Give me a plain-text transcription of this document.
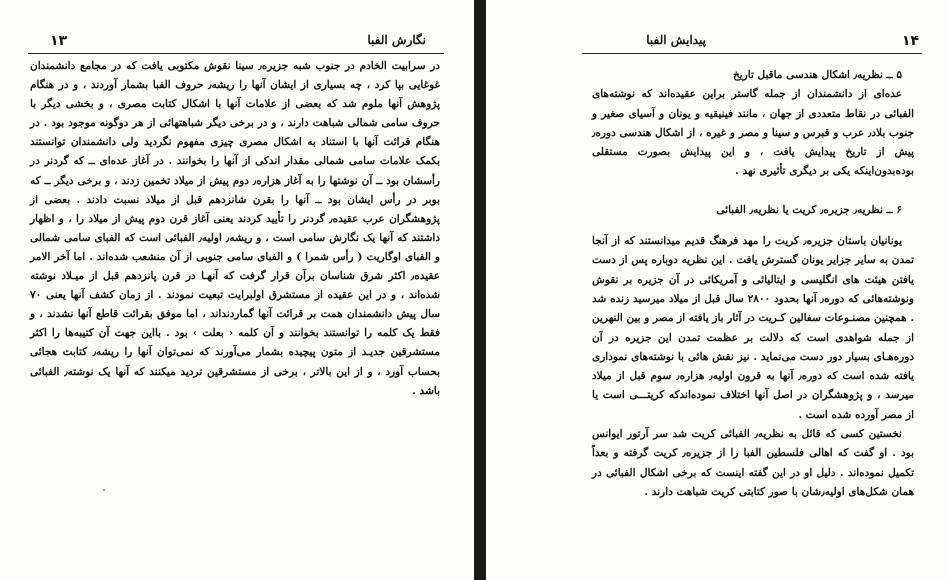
نگارش الفبا
۱۳

در سرابیت الخادم در جنوب شبه جزیره٫ سینا نقوش مکتوبی یافت که در مجامع دانشمندان غوغایی بپا کرد ، چه بسیاری از ایشان آنها را ریشه٫ حروف الفبا بشمار آوردند ، و در هنگام پژوهش آنها ملوم شد که بعضی از علامات آنها با اشکال کتابت مصری ، و بخشی دیگر با حروف سامی شمالی شباهت دارند ، و در برخی دیگر شباهتهائی از هر دوگونه موجود بود . در هنگام قرائت آنها با استناد به اشکال مصری چیزی مفهوم نگردید ولی دانشمندان توانستند بکمک علامات سامی شمالی مقدار اندکی از آنها را بخوانند . در آغاز عده‌ای ــ که گردنر در رأسشان بود ــ آن نوشتها را به آغاز هزاره٫ دوم پیش از میلاد تخمین زدند ، و برخی دیگر ــ که بوبر در رأس ایشان بود ــ آنها را بقرن شانزدهم قبل از میلاد نسبت دادند . بعضی از پژوهشگران عرب عقیده٫ گردنر را تأیید کردند یعنی آغاز قرن دوم پیش از میلاد را ، و اظهار داشتند که آنها یک نگارش سامی است ، و ریشه٫ اولیه٫ الفبائی است که الفبای سامی شمالی و الفبای اوگاریت ( رأس شمرا ) و الفبای سامی جنوبی از آن منشعب شده‌اند . اما آخر الامر عقیده٫ اکثر شرق شناسان برآن قرار گرفت که آنهـا در قرن پانزدهم قبل از میـلاد نوشته شده‌اند ، و در این عقیده از مستشرق اولبرایت تبعیت نمودند . از زمان کشف آنها یعنی ۷۰ سال پیش دانشمندان همت بر قرائت آنها گماردند‌اند ، اما موفق بقرائت قاطع آنها نشدند ، و فقط یک کلمه را توانستند بخوانند و آن کلمه ‹ بعلت › بود . بااین جهت آن کتیبه‌ها را اکثر مستشرقین جدیـد از متون پیچیده بشمار می‌آورند که نمی‌توان آنها را ریشه٫ کتابت هجائی بحساب آورد ، و از این بالاتر ، برخی از مستشرقین تردید میکنند که آنها یک نوشته٫ الفبائی باشد .

پیدایش الفبا	۱۴

۵ ــ نظریه٫ اشکال هندسی ماقبل تاریخ

عده‌ای از دانشمندان از جمله گاستر براین عقیده‌اند که نوشته‌های الفبائی در نقاط متعددی از جهان ، مانند فینیقیه و یونان و آسیای صغیر و جنوب بلاد٫ عرب و قبرس و سینا و مصر و غیره ، از اشکال هندسی دوره٫ پیش از تاریخ پیدایش یافت ، و این پیدایش بصورت مستقلی بوده‌بدون‌اینکه یکی بر دیگری تأثیری نهد .

۶ ــ نظریه٫ جزیره٫ کریت یا نظریه٫ الفبائی

یونانیان باستان جزیره٫ کریت را مهد فرهنگ قدیم میدانستند که از آنجا تمدن به سایر جزایر یونان گسترش یافت . این نظریه دوباره پس از دست یافتن هیئت های انگلیسی و ایتالیائی و آمریکائی در آن جزیره بر نقوش ونوشته‌هائی که دوره٫ آنها بحدود ۲۸۰۰ سال قبل از میلاد میرسید زنده شد . همچنین مصنـوعات سفالین کـریت در آثار باز یافته از مصر و بین النهرین از جمله شواهدی است که دلالت بر عظمت تمدن این جزیره در آن دوره‌هـای بسیار دور دست می‌نماید . نیز نقش هائی با نوشته‌های نموداری یافته شده است که دوره٫ آنها به قرون اولیه٫ هزاره٫ سوم قبل از میلاد میرسد ، و پژوهشگران در اصل آنها اختلاف نموده‌اندکه کریتـــی است یا از مصر آورده شده است .

نخستین کسی که قائل به نظریه٫ الفبائی کریت شد سر آرتور ایوانس بود . او گفت که اهالی فلسطین الفبا را از جزیره٫ کریت گرفته و بعداً تکمیل نموده‌اند . دلیل او در این گفته اینست که برخی اشکال الفبائی در همان شکل‌های اولیه٫شان با صور کتابتی کریت شباهت دارند .
